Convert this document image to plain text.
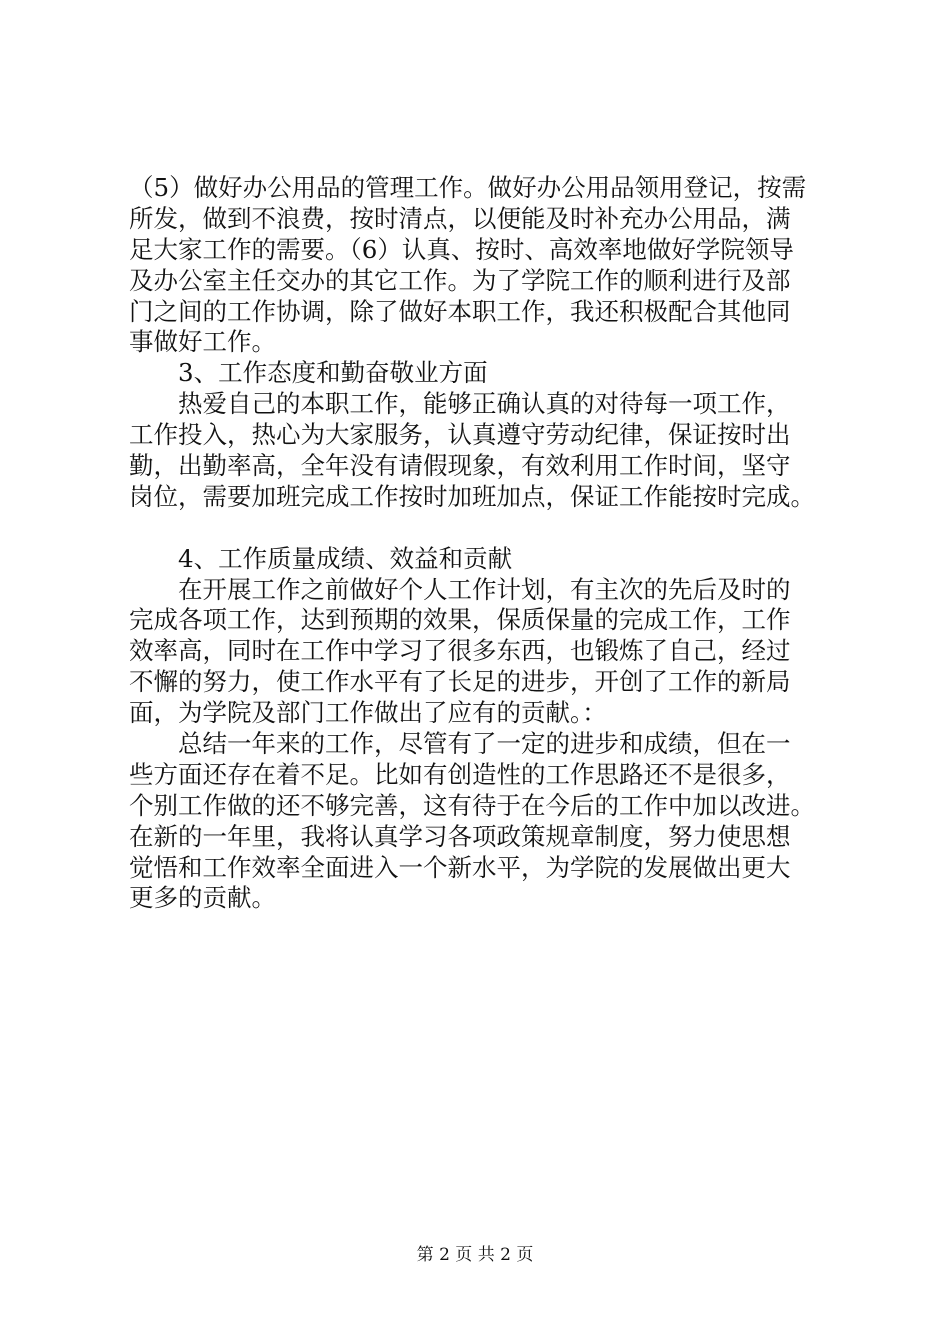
（5）做好办公用品的管理工作。做好办公用品领用登记，按需
所发，做到不浪费，按时清点，以便能及时补充办公用品，满
足大家工作的需要。（6）认真、按时、高效率地做好学院领导
及办公室主任交办的其它工作。为了学院工作的顺利进行及部
门之间的工作协调，除了做好本职工作，我还积极配合其他同
事做好工作。
3、工作态度和勤奋敬业方面
热爱自己的本职工作，能够正确认真的对待每一项工作，
工作投入，热心为大家服务，认真遵守劳动纪律，保证按时出
勤，出勤率高，全年没有请假现象，有效利用工作时间，坚守
岗位，需要加班完成工作按时加班加点，保证工作能按时完成。
4、工作质量成绩、效益和贡献
在开展工作之前做好个人工作计划，有主次的先后及时的
完成各项工作，达到预期的效果，保质保量的完成工作，工作
效率高，同时在工作中学习了很多东西，也锻炼了自己，经过
不懈的努力，使工作水平有了长足的进步，开创了工作的新局
面，为学院及部门工作做出了应有的贡献。：
总结一年来的工作，尽管有了一定的进步和成绩，但在一
些方面还存在着不足。比如有创造性的工作思路还不是很多，
个别工作做的还不够完善，这有待于在今后的工作中加以改进。
在新的一年里，我将认真学习各项政策规章制度，努力使思想
觉悟和工作效率全面进入一个新水平，为学院的发展做出更大
更多的贡献。
第 2 页 共 2 页
